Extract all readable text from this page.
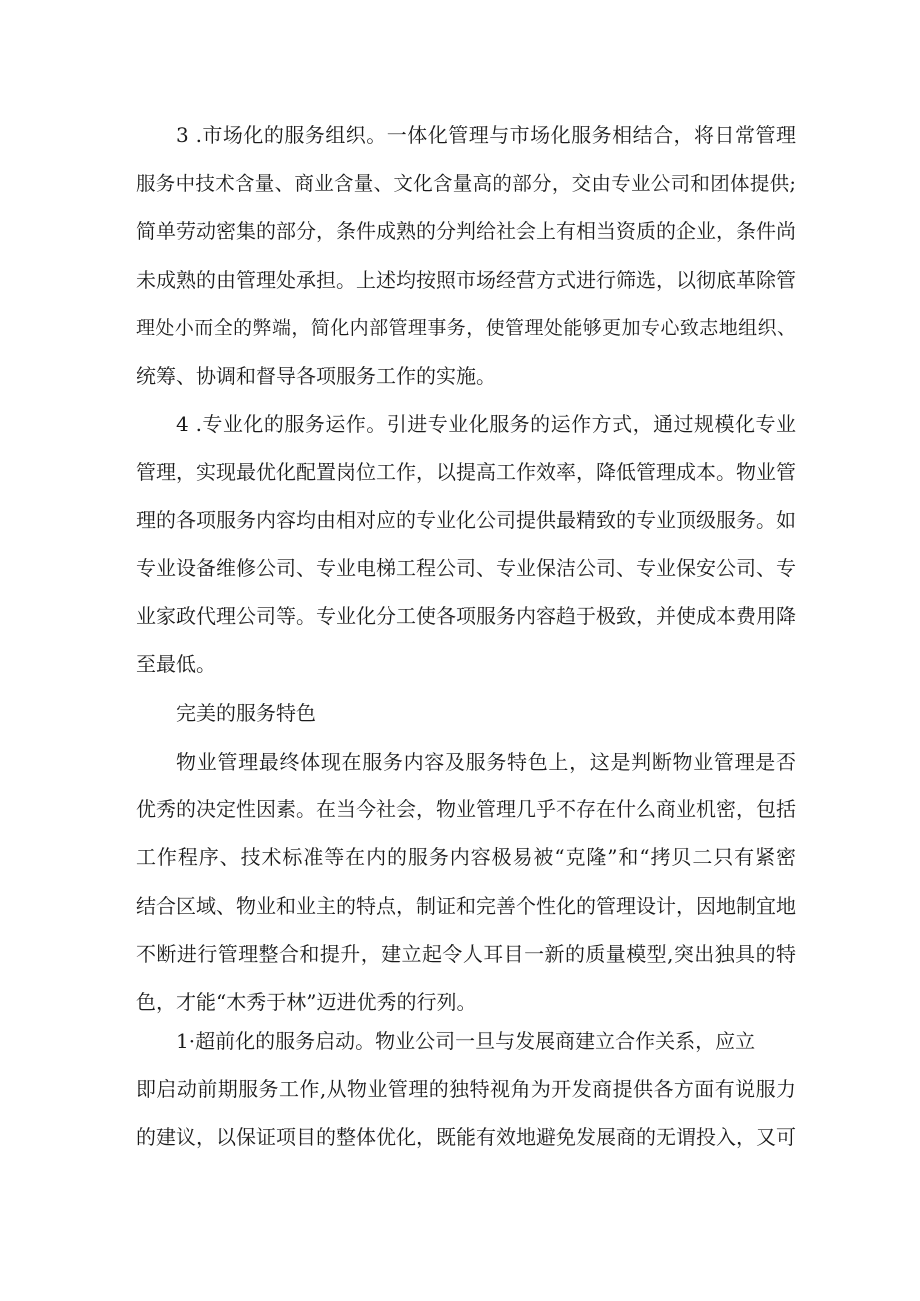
3 .市场化的服务组织。一体化管理与市场化服务相结合，将日常管理
服务中技术含量、商业含量、文化含量高的部分，交由专业公司和团体提供;
简单劳动密集的部分，条件成熟的分判给社会上有相当资质的企业，条件尚
未成熟的由管理处承担。上述均按照市场经营方式进行筛选，以彻底革除管
理处小而全的弊端，简化内部管理事务，使管理处能够更加专心致志地组织、
统筹、协调和督导各项服务工作的实施。
4 .专业化的服务运作。引进专业化服务的运作方式，通过规模化专业
管理，实现最优化配置岗位工作，以提高工作效率，降低管理成本。物业管
理的各项服务内容均由相对应的专业化公司提供最精致的专业顶级服务。如
专业设备维修公司、专业电梯工程公司、专业保洁公司、专业保安公司、专
业家政代理公司等。专业化分工使各项服务内容趋于极致，并使成本费用降
至最低。
完美的服务特色
物业管理最终体现在服务内容及服务特色上，这是判断物业管理是否
优秀的决定性因素。在当今社会，物业管理几乎不存在什么商业机密，包括
工作程序、技术标准等在内的服务内容极易被“克隆”和“拷贝二只有紧密
结合区域、物业和业主的特点，制证和完善个性化的管理设计，因地制宜地
不断进行管理整合和提升，建立起令人耳目一新的质量模型,突出独具的特
色，才能“木秀于林”迈进优秀的行列。
1·超前化的服务启动。物业公司一旦与发展商建立合作关系，应立
即启动前期服务工作,从物业管理的独特视角为开发商提供各方面有说服力
的建议，以保证项目的整体优化，既能有效地避免发展商的无谓投入，又可
